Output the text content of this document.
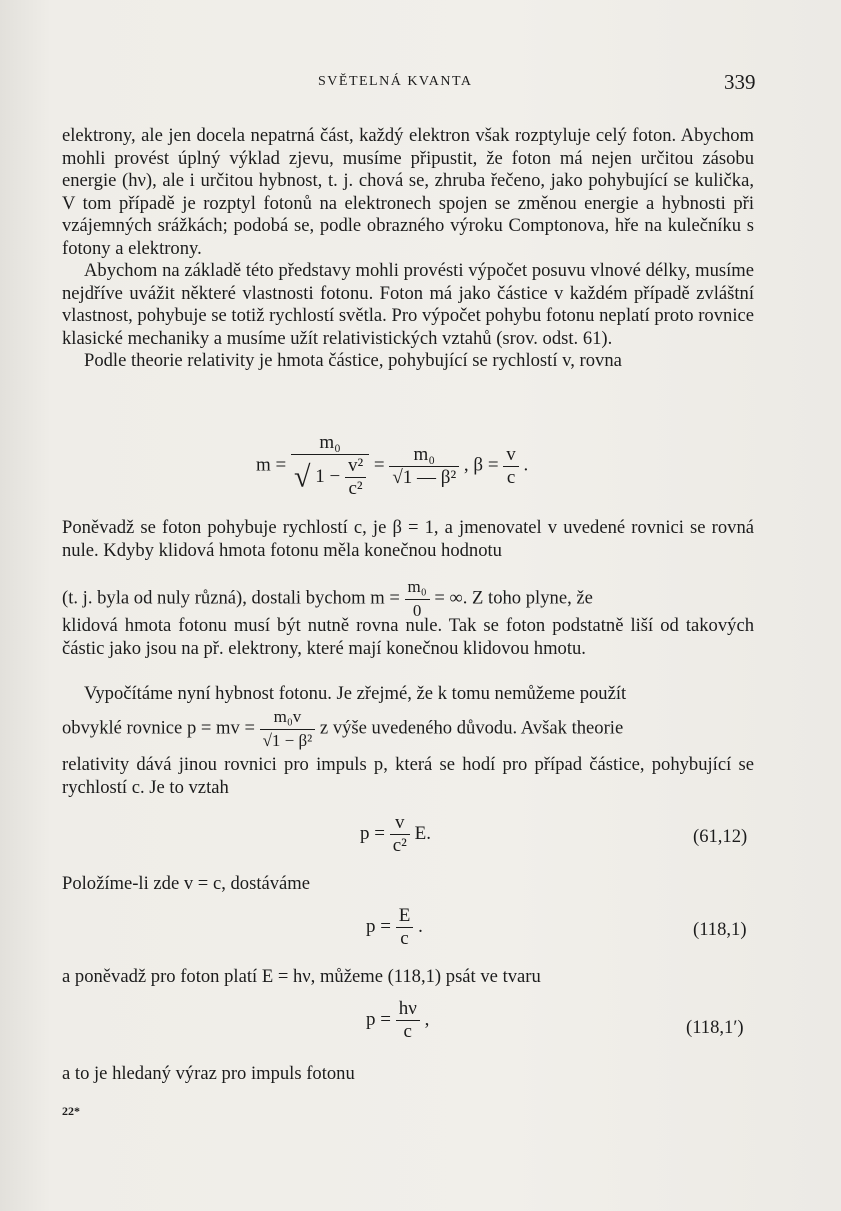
SVĚTELNÁ KVANTA	339

elektrony, ale jen docela nepatrná část, každý elektron však rozptyluje celý foton. Abychom mohli provést úplný výklad zjevu, musíme připustit, že foton má nejen určitou zásobu energie (hν), ale i určitou hybnost, t. j. chová se, zhruba řečeno, jako pohybující se kulička, V tom případě je rozptyl fotonů na elektronech spojen se změnou energie a hybnosti při vzájemných srážkách; podobá se, podle obrazného výroku Comptonova, hře na kulečníku s fotony a elektrony.

Abychom na základě této představy mohli provésti výpočet posuvu vlnové délky, musíme nejdříve uvážit některé vlastnosti fotonu. Foton má jako částice v každém případě zvláštní vlastnost, pohybuje se totiž rychlostí světla. Pro výpočet pohybu fotonu neplatí proto rovnice klasické mechaniky a musíme užít relativistických vztahů (srov. odst. 61).

Podle theorie relativity je hmota částice, pohybující se rychlostí v, rovna

$m = \frac{\text{m₀}}{√ 1 - \frac{\text{v²}}{\text{c²}}} = \frac{\text{m₀}}{\text{√1 — β²}}$ , $\beta = \frac{v}{c}$ .

Poněvadž se foton pohybuje rychlostí c, je β = 1, a jmenovatel v uvedené rovnici se rovná nule. Kdyby klidová hmota fotonu měla konečnou hodnotu

(t. j. byla od nuly různá), dostali bychom $m = \frac{\text{m₀}}{0}$ = ∞. Z toho plyne, že

klidová hmota fotonu musí být nutně rovna nule. Tak se foton podstatně liší od takových částic jako jsou na př. elektrony, které mají konečnou klidovou hmotu.

Vypočítáme nyní hybnost fotonu. Je zřejmé, že k tomu nemůžeme použít

obvyklé rovnice p = mv = $\frac{\text{m₀v}}{\text{√1 − β²}}$ z výše uvedeného důvodu. Avšak theorie

relativity dává jinou rovnici pro impuls p, která se hodí pro případ částice, pohybující se rychlostí c. Je to vztah

$p = \frac{v}{\text{c²}} E$.	(61,12)

Položíme-li zde v = c, dostáváme

$p = \frac{E}{c}$ .	(118,1)

a poněvadž pro foton platí E = hν, můžeme (118,1) psát ve tvaru

$p = \frac{h\nu}{c}$ ,	(118,1′)

a to je hledaný výraz pro impuls fotonu

22*
